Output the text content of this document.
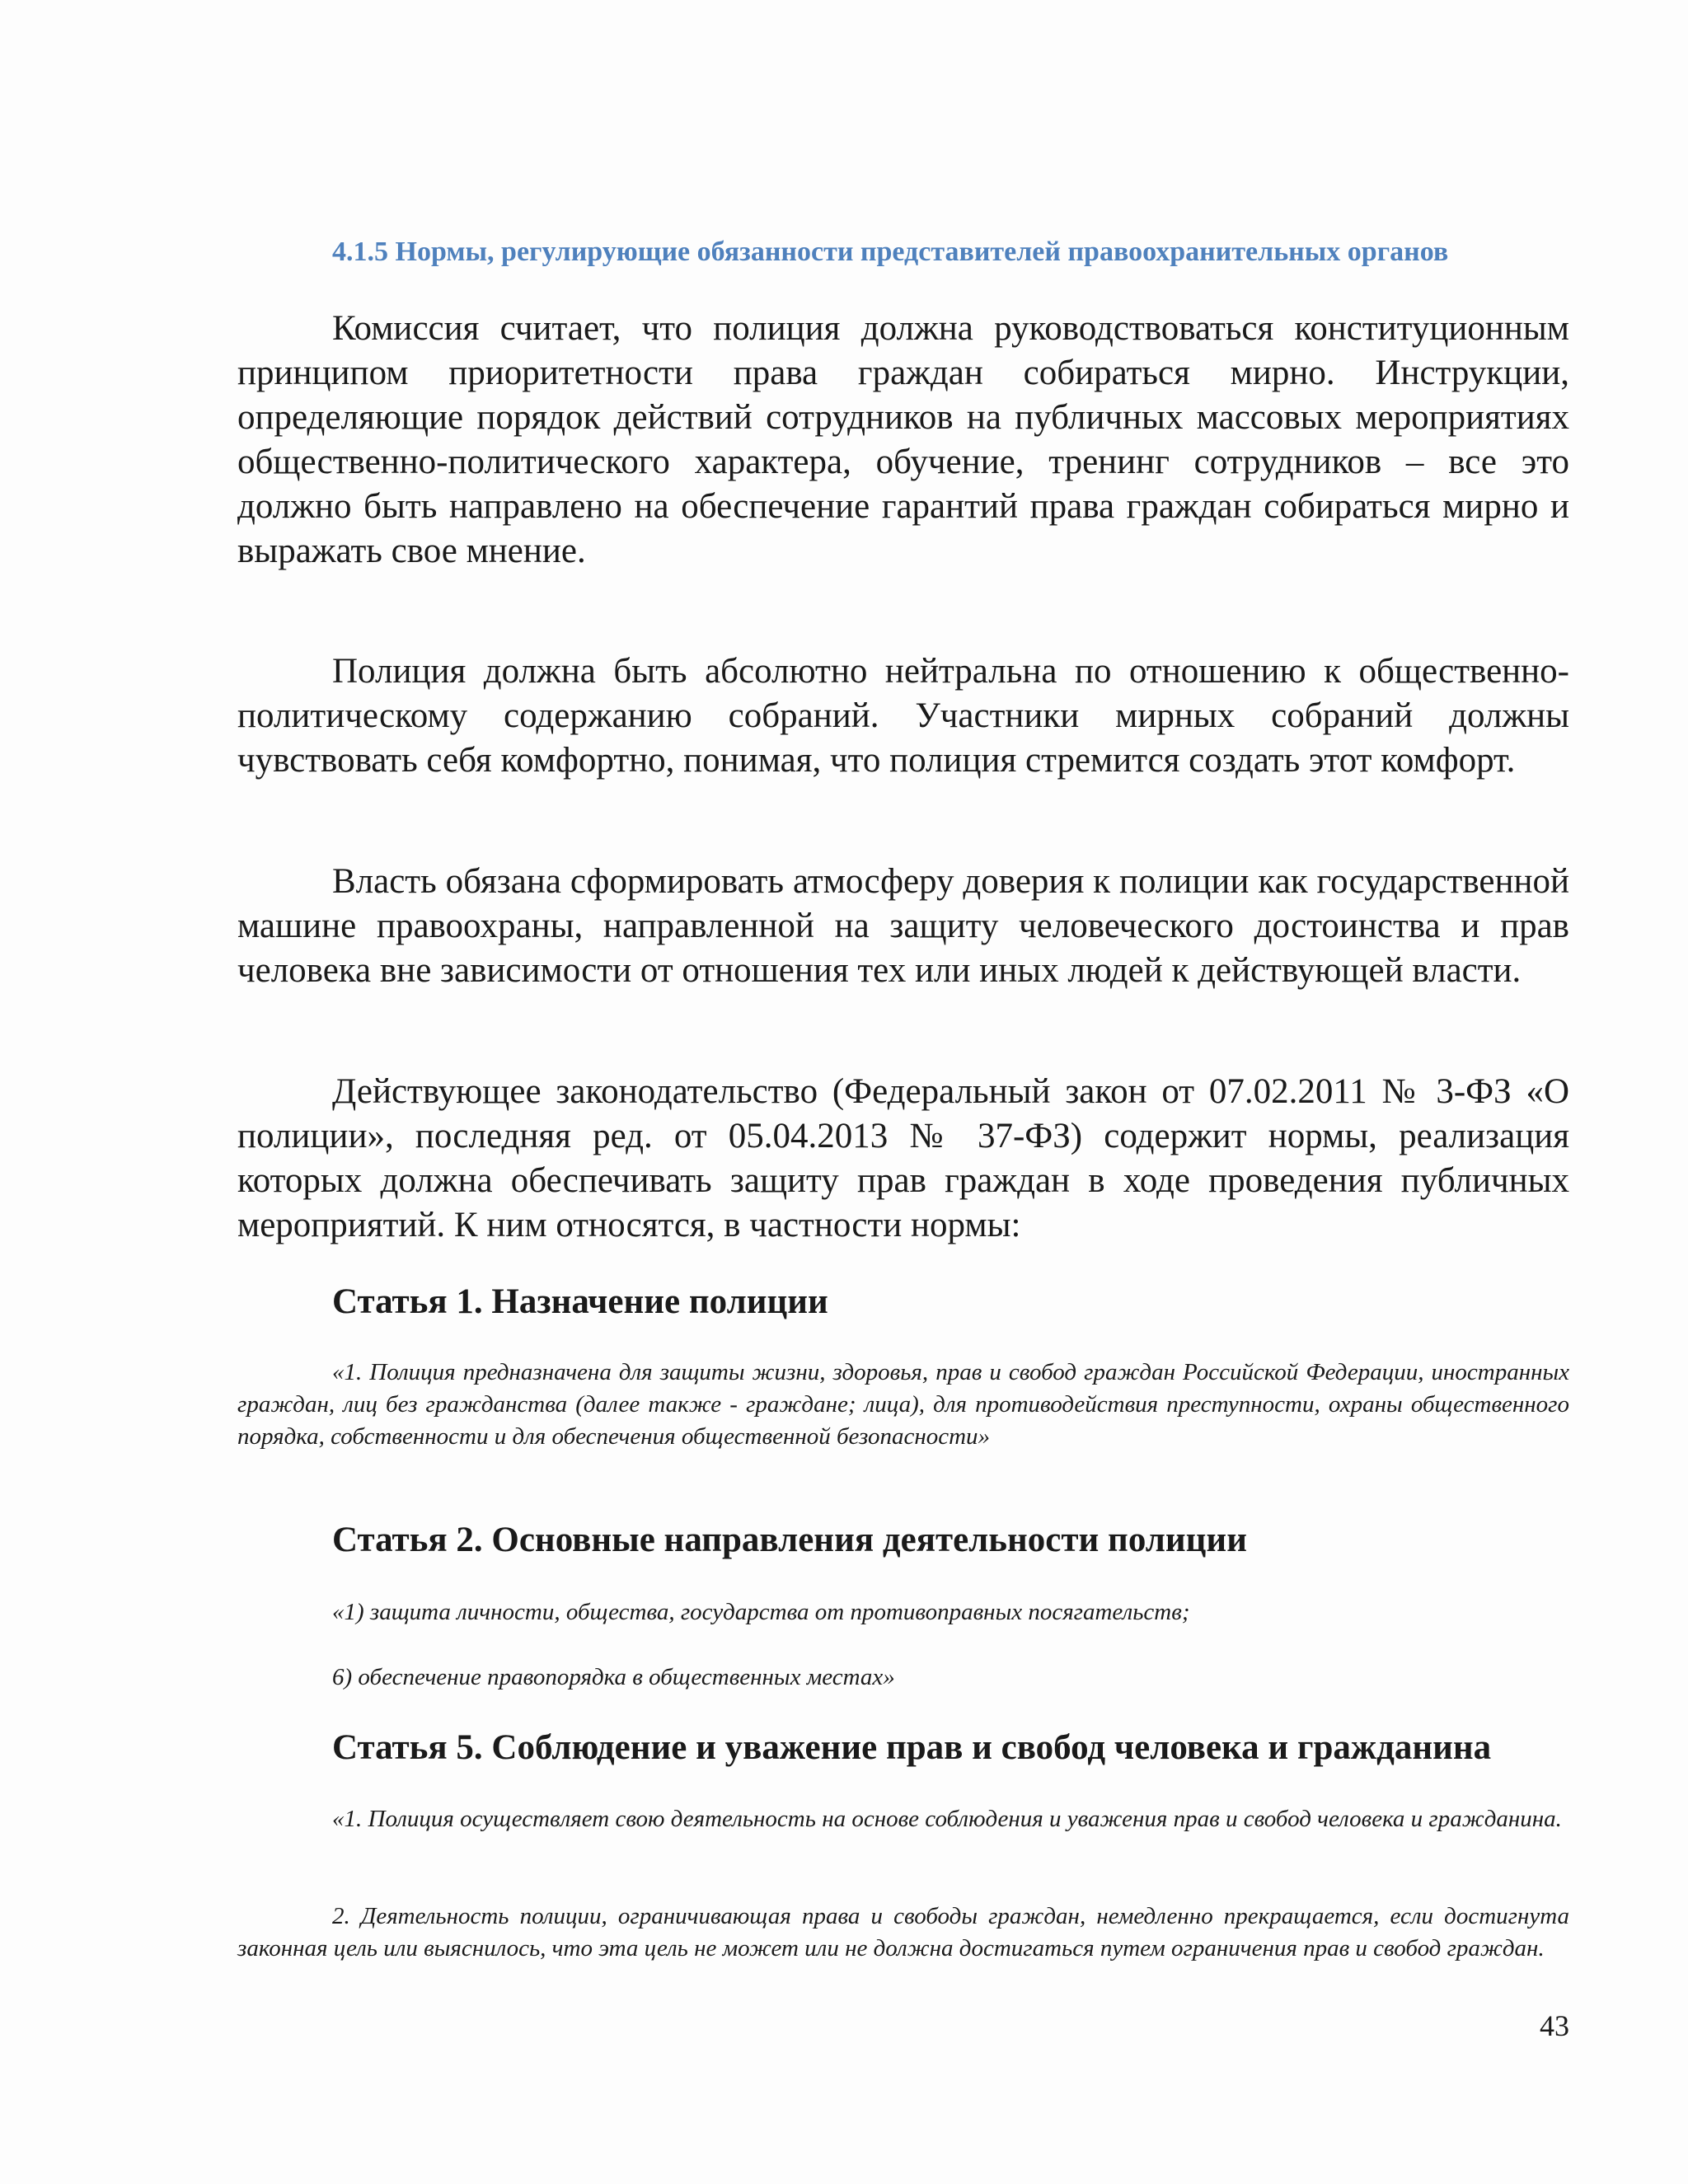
4.1.5 Нормы, регулирующие обязанности представителей правоохранительных органов

Комиссия считает, что полиция должна руководствоваться конституционным принципом приоритетности права граждан собираться мирно. Инструкции, определяющие порядок действий сотрудников на публичных массовых мероприятиях общественно-политического характера, обучение, тренинг сотрудников – все это должно быть направлено на обеспечение гарантий права граждан собираться мирно и выражать свое мнение.

Полиция должна быть абсолютно нейтральна по отношению к общественно-политическому содержанию собраний. Участники мирных собраний должны чувствовать себя комфортно, понимая, что полиция стремится создать этот комфорт.

Власть обязана сформировать атмосферу доверия к полиции как государственной машине правоохраны, направленной на защиту человеческого достоинства и прав человека вне зависимости от отношения тех или иных людей к действующей власти.

Действующее законодательство (Федеральный закон от 07.02.2011 № 3-ФЗ «О полиции», последняя ред. от 05.04.2013 № 37-ФЗ) содержит нормы, реализация которых должна обеспечивать защиту прав граждан в ходе проведения публичных мероприятий. К ним относятся, в частности нормы:

Статья 1. Назначение полиции

«1. Полиция предназначена для защиты жизни, здоровья, прав и свобод граждан Российской Федерации, иностранных граждан, лиц без гражданства (далее также - граждане; лица), для противодействия преступности, охраны общественного порядка, собственности и для обеспечения общественной безопасности»

Статья 2. Основные направления деятельности полиции

«1) защита личности, общества, государства от противоправных посягательств;

6) обеспечение правопорядка в общественных местах»

Статья 5. Соблюдение и уважение прав и свобод человека и гражданина

«1. Полиция осуществляет свою деятельность на основе соблюдения и уважения прав и свобод человека и гражданина.

2. Деятельность полиции, ограничивающая права и свободы граждан, немедленно прекращается, если достигнута законная цель или выяснилось, что эта цель не может или не должна достигаться путем ограничения прав и свобод граждан.

43
